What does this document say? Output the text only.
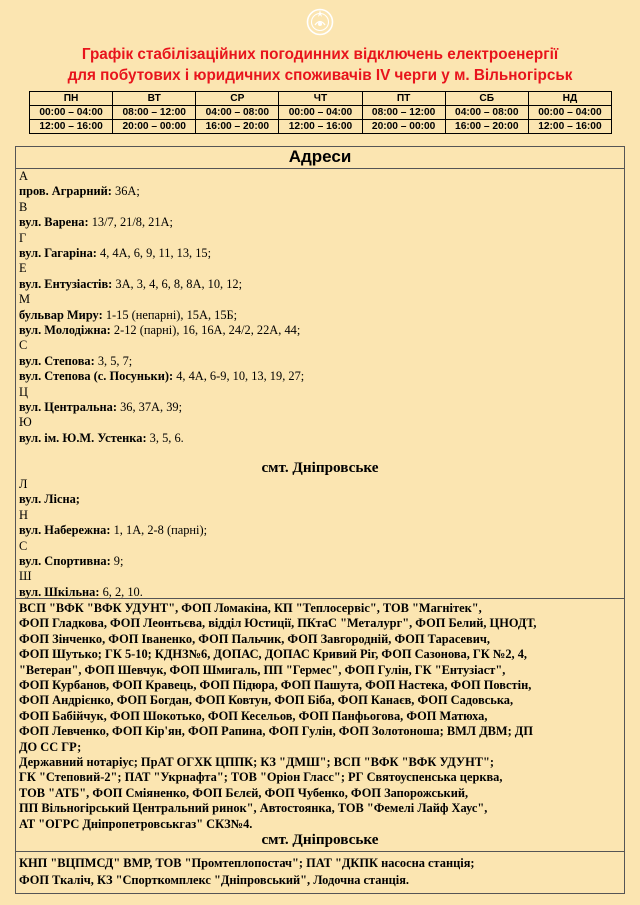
Графік стабілізаційних погодинних відключень електроенергії
для побутових і юридичних споживачів IV черги у м. Вільногірськ
ПН	ВТ	СР	ЧТ	ПТ	СБ	НД
00:00 – 04:00	08:00 – 12:00	04:00 – 08:00	00:00 – 04:00	08:00 – 12:00	04:00 – 08:00	00:00 – 04:00
12:00 – 16:00	20:00 – 00:00	16:00 – 20:00	12:00 – 16:00	20:00 – 00:00	16:00 – 20:00	12:00 – 16:00
Адреси
А
пров. Аграрний: 36А;
В
вул. Варена: 13/7, 21/8, 21А;
Г
вул. Гагаріна: 4, 4А, 6, 9, 11, 13, 15;
Е
вул. Ентузіастів: 3А, 3, 4, 6, 8, 8А, 10, 12;
М
бульвар Миру: 1-15 (непарні), 15А, 15Б;
вул. Молодіжна: 2-12 (парні), 16, 16А, 24/2, 22А, 44;
С
вул. Степова: 3, 5, 7;
вул. Степова (с. Посуньки): 4, 4А, 6-9, 10, 13, 19, 27;
Ц
вул. Центральна: 36, 37А, 39;
Ю
вул. ім. Ю.М. Устенка: 3, 5, 6.
смт. Дніпровське
Л
вул. Лісна;
Н
вул. Набережна: 1, 1А, 2-8 (парні);
С
вул. Спортивна: 9;
Ш
вул. Шкільна: 6, 2, 10.
ВСП "ВФК "ВФК УДУНТ", ФОП Ломакіна, КП "Теплосервіс", ТОВ "Магнітек",
ФОП Гладкова, ФОП Леонтьєва, відділ Юстиції, ПКтаС "Металург", ФОП Белий, ЦНОДТ,
ФОП Зінченко, ФОП Іваненко, ФОП Пальчик, ФОП Завгородній, ФОП Тарасевич,
ФОП Шутько; ГК 5-10; КДНЗ№6, ДОПАС, ДОПАС Кривий Ріг, ФОП Сазонова, ГК №2, 4,
"Ветеран", ФОП Шевчук, ФОП Шмигаль, ПП "Гермес", ФОП Гулін, ГК "Ентузіаст",
ФОП Курбанов, ФОП Кравець, ФОП Підюра, ФОП Пашута, ФОП Настека, ФОП Повстін,
ФОП Андрієнко, ФОП Богдан, ФОП Ковтун, ФОП Біба, ФОП Канаєв, ФОП Садовська,
ФОП Бабійчук, ФОП Шокотько, ФОП Кесельов, ФОП Панфьогова, ФОП Матюха,
ФОП Левченко, ФОП Кір'ян, ФОП Рапина, ФОП Гулін, ФОП Золотоноша; ВМЛ ДВМ; ДП
ДО СС ГР;
Державний нотаріус; ПрАТ ОГХК ЦППК; КЗ "ДМШ"; ВСП "ВФК "ВФК УДУНТ";
ГК "Степовий-2"; ПАТ "Укрнафта"; ТОВ "Оріон Гласс"; РГ Святоуспенська церква,
ТОВ "АТБ", ФОП Сміяненко, ФОП Бєлєй, ФОП Чубенко, ФОП Запорожський,
ПП Вільногірський Центральний ринок", Автостоянка, ТОВ "Фемелі Лайф Хаус",
АТ "ОГРС Дніпропетровськгаз" СКЗ№4.
смт. Дніпровське
КНП "ВЦПМСД" ВМР, ТОВ "Промтеплопостач"; ПАТ "ДКПК насосна станція;
ФОП Ткаліч, КЗ "Спорткомплекс "Дніпровський", Лодочна станція.
